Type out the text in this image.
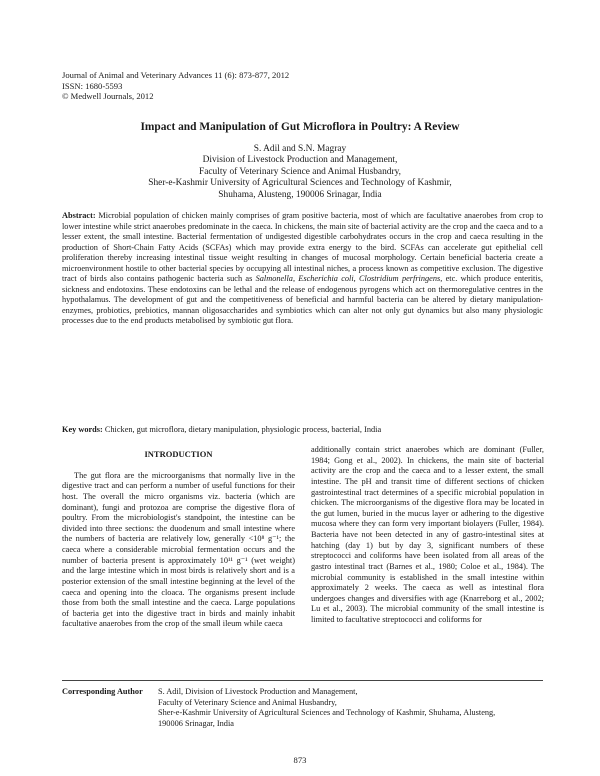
Journal of Animal and Veterinary Advances 11 (6): 873-877, 2012
ISSN: 1680-5593
© Medwell Journals, 2012
Impact and Manipulation of Gut Microflora in Poultry: A Review
S. Adil and S.N. Magray
Division of Livestock Production and Management,
Faculty of Veterinary Science and Animal Husbandry,
Sher-e-Kashmir University of Agricultural Sciences and Technology of Kashmir,
Shuhama, Alusteng, 190006 Srinagar, India
Abstract: Microbial population of chicken mainly comprises of gram positive bacteria, most of which are facultative anaerobes from crop to lower intestine while strict anaerobes predominate in the caeca. In chickens, the main site of bacterial activity are the crop and the caeca and to a lesser extent, the small intestine. Bacterial fermentation of undigested digestible carbohydrates occurs in the crop and caeca resulting in the production of Short-Chain Fatty Acids (SCFAs) which may provide extra energy to the bird. SCFAs can accelerate gut epithelial cell proliferation thereby increasing intestinal tissue weight resulting in changes of mucosal morphology. Certain beneficial bacteria create a microenvironment hostile to other bacterial species by occupying all intestinal niches, a process known as competitive exclusion. The digestive tract of birds also contains pathogenic bacteria such as Salmonella, Escherichia coli, Clostridium perfringens, etc. which produce enteritis, sickness and endotoxins. These endotoxins can be lethal and the release of endogenous pyrogens which act on thermoregulative centres in the hypothalamus. The development of gut and the competitiveness of beneficial and harmful bacteria can be altered by dietary manipulation-enzymes, probiotics, prebiotics, mannan oligosaccharides and symbiotics which can alter not only gut dynamics but also many physiologic processes due to the end products metabolised by symbiotic gut flora.
Key words: Chicken, gut microflora, dietary manipulation, physiologic process, bacterial, India
INTRODUCTION

The gut flora are the microorganisms that normally live in the digestive tract and can perform a number of useful functions for their host. The overall the micro organisms viz. bacteria (which are dominant), fungi and protozoa are comprise the digestive flora of poultry. From the microbiologist's standpoint, the intestine can be divided into three sections: the duodenum and small intestine where the numbers of bacteria are relatively low, generally <10⁸ g⁻¹; the caeca where a considerable microbial fermentation occurs and the number of bacteria present is approximately 10¹¹ g⁻¹ (wet weight) and the large intestine which in most birds is relatively short and is a posterior extension of the small intestine beginning at the level of the caeca and opening into the cloaca. The organisms present include those from both the small intestine and the caeca. Large populations of bacteria get into the digestive tract in birds and mainly inhabit facultative anaerobes from the crop of the small ileum while caeca

additionally contain strict anaerobes which are dominant (Fuller, 1984; Gong et al., 2002). In chickens, the main site of bacterial activity are the crop and the caeca and to a lesser extent, the small intestine. The pH and transit time of different sections of chicken gastrointestinal tract determines of a specific microbial population in chicken. The microorganisms of the digestive flora may be located in the gut lumen, buried in the mucus layer or adhering to the digestive mucosa where they can form very important biolayers (Fuller, 1984). Bacteria have not been detected in any of gastro-intestinal sites at hatching (day 1) but by day 3, significant numbers of these streptococci and coliforms have been isolated from all areas of the gastro intestinal tract (Barnes et al., 1980; Coloe et al., 1984). The microbial community is established in the small intestine within approximately 2 weeks. The caeca as well as intestinal flora undergoes changes and diversifies with age (Knarreborg et al., 2002; Lu et al., 2003). The microbial community of the small intestine is limited to facultative streptococci and coliforms for

Corresponding Author	S. Adil, Division of Livestock Production and Management,
Faculty of Veterinary Science and Animal Husbandry,
Sher-e-Kashmir University of Agricultural Sciences and Technology of Kashmir, Shuhama, Alusteng,
190006 Srinagar, India
873
